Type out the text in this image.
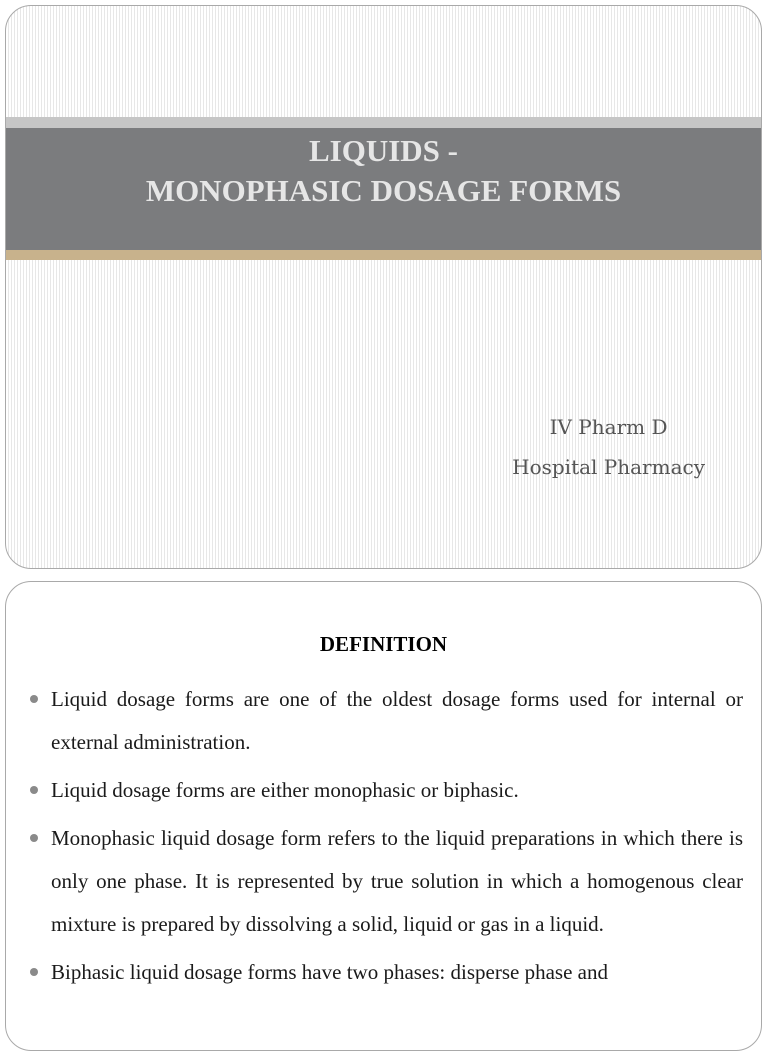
LIQUIDS -
MONOPHASIC DOSAGE FORMS
IV Pharm D
Hospital Pharmacy
DEFINITION
Liquid dosage forms are one of the oldest dosage forms used for internal or external administration.
Liquid dosage forms are either monophasic or biphasic.
Monophasic liquid dosage form refers to the liquid preparations in which there is only one phase. It is represented by true solution in which a homogenous clear mixture is prepared by dissolving a solid, liquid or gas in a liquid.
Biphasic liquid dosage forms have two phases: disperse phase and
